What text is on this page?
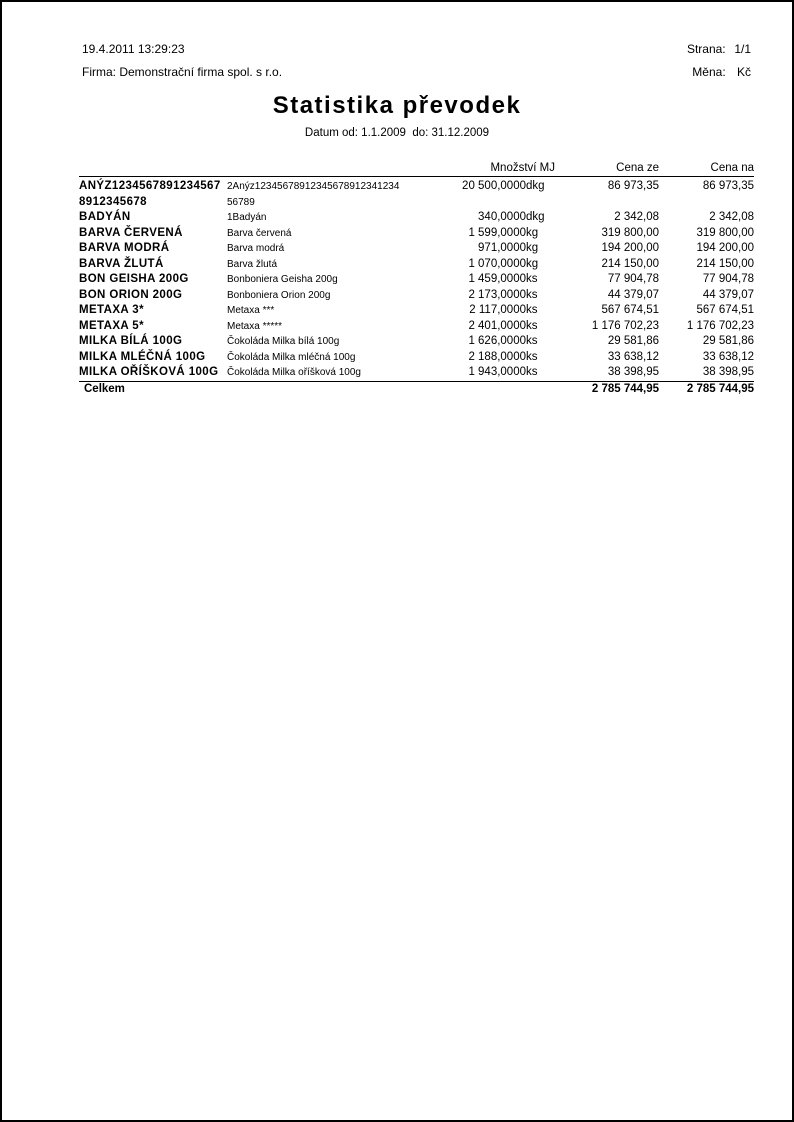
19.4.2011 13:29:23	Strana: 1/1
Firma: Demonstrační firma spol. s r.o.	Měna: Kč
Statistika převodek
Datum od: 1.1.2009  do: 31.12.2009
		Množství MJ		Cena ze	Cena na
ANÝZ12345678912345678912345678	2Anýz1234567891234567891234123456789	20 500,0000	dkg	86 973,35	86 973,35
BADYÁN	1Badyán	340,0000	dkg	2 342,08	2 342,08
BARVA ČERVENÁ	Barva červená	1 599,0000	kg	319 800,00	319 800,00
BARVA MODRÁ	Barva modrá	971,0000	kg	194 200,00	194 200,00
BARVA ŽLUTÁ	Barva žlutá	1 070,0000	kg	214 150,00	214 150,00
BON GEISHA 200G	Bonboniera Geisha 200g	1 459,0000	ks	77 904,78	77 904,78
BON ORION 200G	Bonboniera Orion 200g	2 173,0000	ks	44 379,07	44 379,07
METAXA 3*	Metaxa ***	2 117,0000	ks	567 674,51	567 674,51
METAXA 5*	Metaxa *****	2 401,0000	ks	1 176 702,23	1 176 702,23
MILKA BÍLÁ 100G	Čokoláda Milka bílá 100g	1 626,0000	ks	29 581,86	29 581,86
MILKA MLÉČNÁ 100G	Čokoláda Milka mléčná 100g	2 188,0000	ks	33 638,12	33 638,12
MILKA OŘÍŠKOVÁ 100G	Čokoláda Milka oříšková 100g	1 943,0000	ks	38 398,95	38 398,95
Celkem				2 785 744,95	2 785 744,95
